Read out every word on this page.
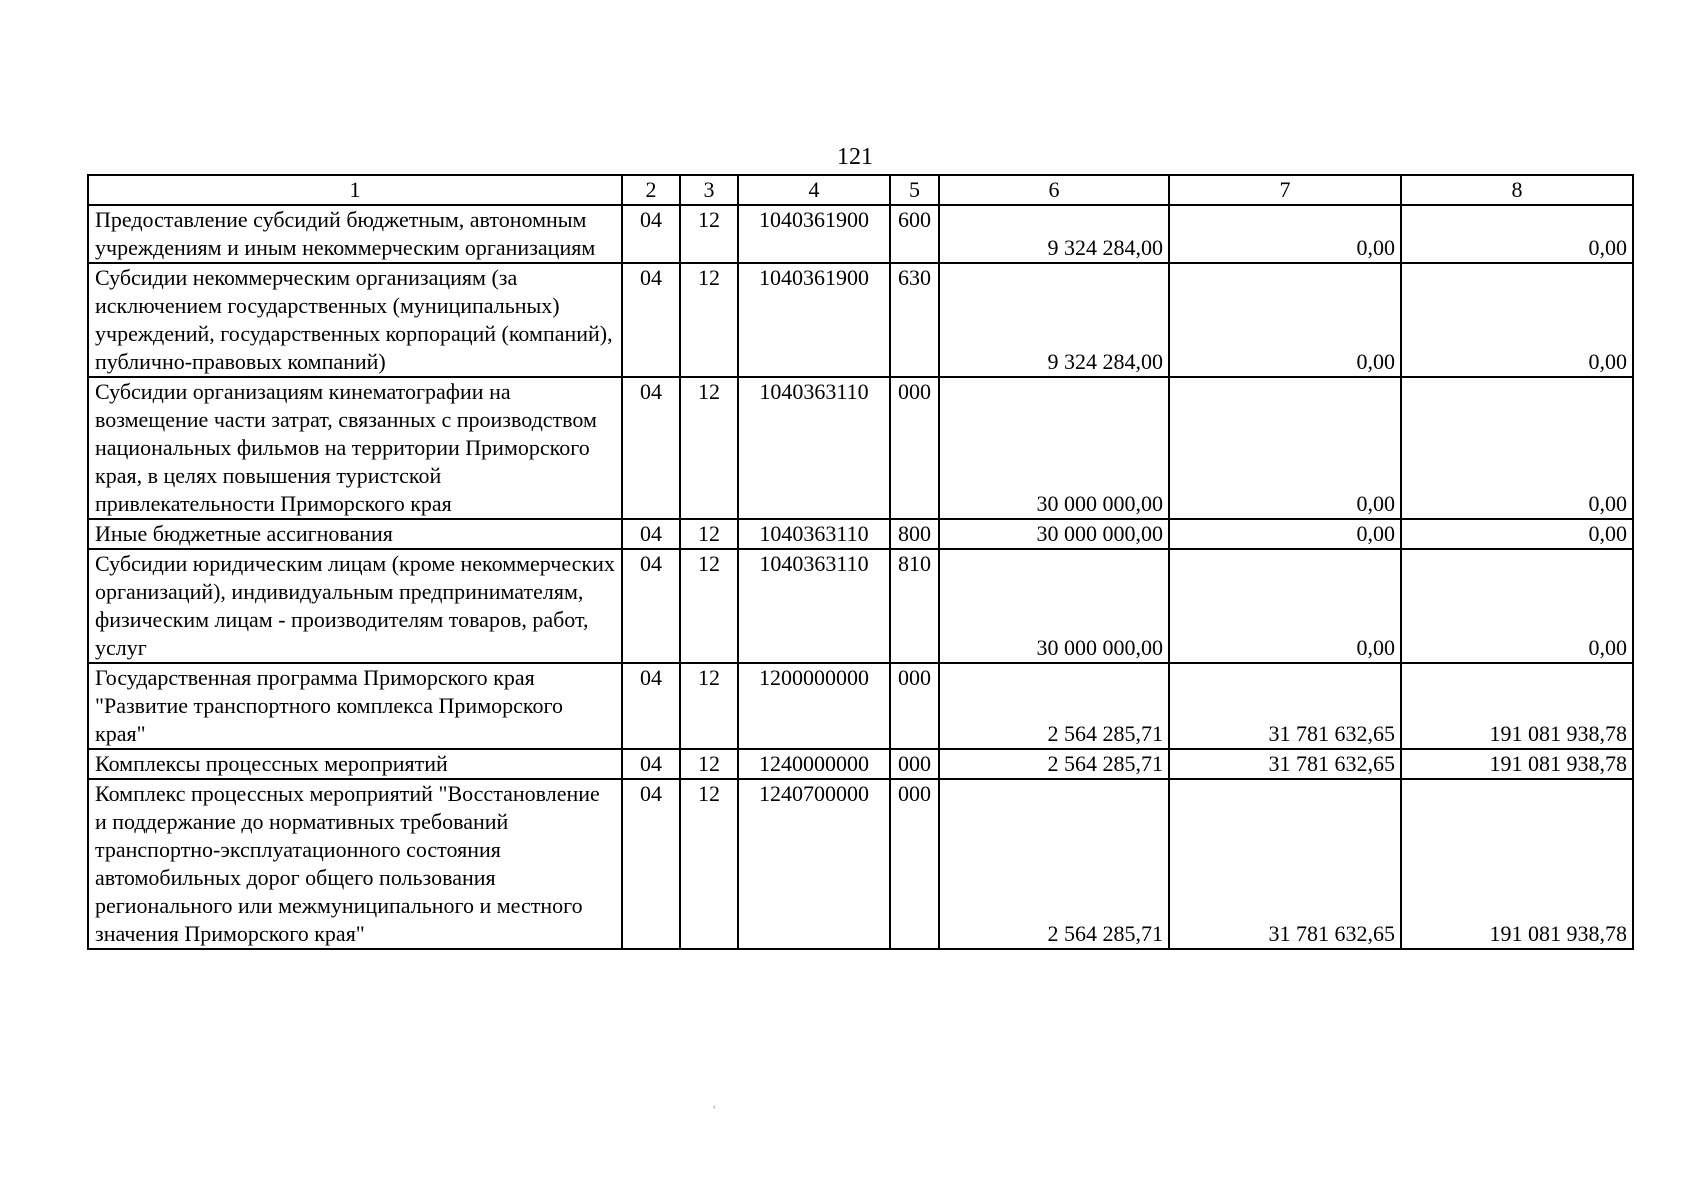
121
1	2	3	4	5	6	7	8
Предоставление субсидий бюджетным, автономным учреждениям и иным некоммерческим организациям	04	12	1040361900	600	9 324 284,00	0,00	0,00
Субсидии некоммерческим организациям (за исключением государственных (муниципальных) учреждений, государственных корпораций (компаний), публично-правовых компаний)	04	12	1040361900	630	9 324 284,00	0,00	0,00
Субсидии организациям кинематографии на возмещение части затрат, связанных с производством национальных фильмов на территории Приморского края, в целях повышения туристской привлекательности Приморского края	04	12	1040363110	000	30 000 000,00	0,00	0,00
Иные бюджетные ассигнования	04	12	1040363110	800	30 000 000,00	0,00	0,00
Субсидии юридическим лицам (кроме некоммерческих организаций), индивидуальным предпринимателям, физическим лицам - производителям товаров, работ, услуг	04	12	1040363110	810	30 000 000,00	0,00	0,00
Государственная программа Приморского края "Развитие транспортного комплекса Приморского края"	04	12	1200000000	000	2 564 285,71	31 781 632,65	191 081 938,78
Комплексы процессных мероприятий	04	12	1240000000	000	2 564 285,71	31 781 632,65	191 081 938,78
Комплекс процессных мероприятий "Восстановление и поддержание до нормативных требований транспортно-эксплуатационного состояния автомобильных дорог общего пользования регионального или межмуниципального и местного значения Приморского края"	04	12	1240700000	000	2 564 285,71	31 781 632,65	191 081 938,78
ʻ
